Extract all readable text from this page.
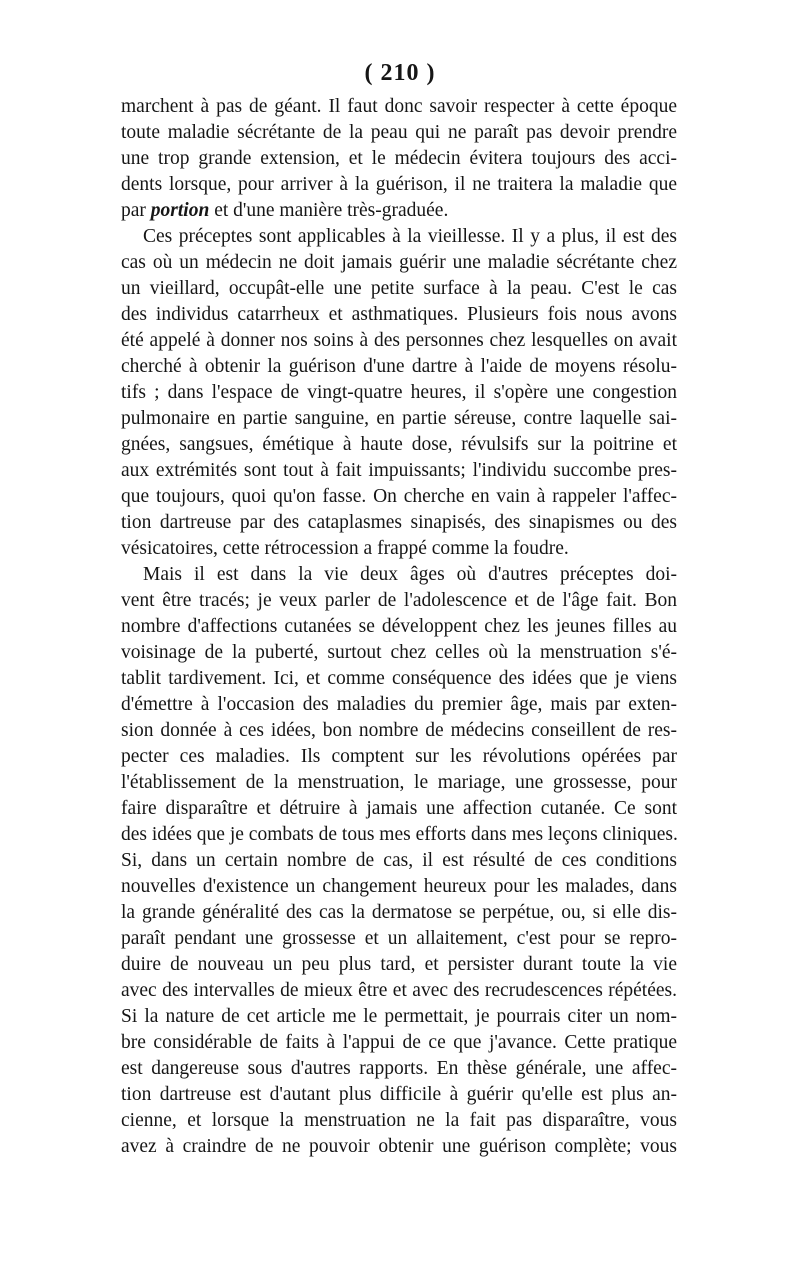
( 210 )
marchent à pas de géant. Il faut donc savoir respecter à cette époque
toute maladie sécrétante de la peau qui ne paraît pas devoir prendre
une trop grande extension, et le médecin évitera toujours des acci-
dents lorsque, pour arriver à la guérison, il ne traitera la maladie que
par portion et d'une manière très-graduée.
Ces préceptes sont applicables à la vieillesse. Il y a plus, il est des
cas où un médecin ne doit jamais guérir une maladie sécrétante chez
un vieillard, occupât-elle une petite surface à la peau. C'est le cas
des individus catarrheux et asthmatiques. Plusieurs fois nous avons
été appelé à donner nos soins à des personnes chez lesquelles on avait
cherché à obtenir la guérison d'une dartre à l'aide de moyens résolu-
tifs ; dans l'espace de vingt-quatre heures, il s'opère une congestion
pulmonaire en partie sanguine, en partie séreuse, contre laquelle sai-
gnées, sangsues, émétique à haute dose, révulsifs sur la poitrine et
aux extrémités sont tout à fait impuissants; l'individu succombe pres-
que toujours, quoi qu'on fasse. On cherche en vain à rappeler l'affec-
tion dartreuse par des cataplasmes sinapisés, des sinapismes ou des
vésicatoires, cette rétrocession a frappé comme la foudre.
Mais il est dans la vie deux âges où d'autres préceptes doi-
vent être tracés; je veux parler de l'adolescence et de l'âge fait. Bon
nombre d'affections cutanées se développent chez les jeunes filles au
voisinage de la puberté, surtout chez celles où la menstruation s'é-
tablit tardivement. Ici, et comme conséquence des idées que je viens
d'émettre à l'occasion des maladies du premier âge, mais par exten-
sion donnée à ces idées, bon nombre de médecins conseillent de res-
pecter ces maladies. Ils comptent sur les révolutions opérées par
l'établissement de la menstruation, le mariage, une grossesse, pour
faire disparaître et détruire à jamais une affection cutanée. Ce sont
des idées que je combats de tous mes efforts dans mes leçons cliniques.
Si, dans un certain nombre de cas, il est résulté de ces conditions
nouvelles d'existence un changement heureux pour les malades, dans
la grande généralité des cas la dermatose se perpétue, ou, si elle dis-
paraît pendant une grossesse et un allaitement, c'est pour se repro-
duire de nouveau un peu plus tard, et persister durant toute la vie
avec des intervalles de mieux être et avec des recrudescences répétées.
Si la nature de cet article me le permettait, je pourrais citer un nom-
bre considérable de faits à l'appui de ce que j'avance. Cette pratique
est dangereuse sous d'autres rapports. En thèse générale, une affec-
tion dartreuse est d'autant plus difficile à guérir qu'elle est plus an-
cienne, et lorsque la menstruation ne la fait pas disparaître, vous
avez à craindre de ne pouvoir obtenir une guérison complète; vous
